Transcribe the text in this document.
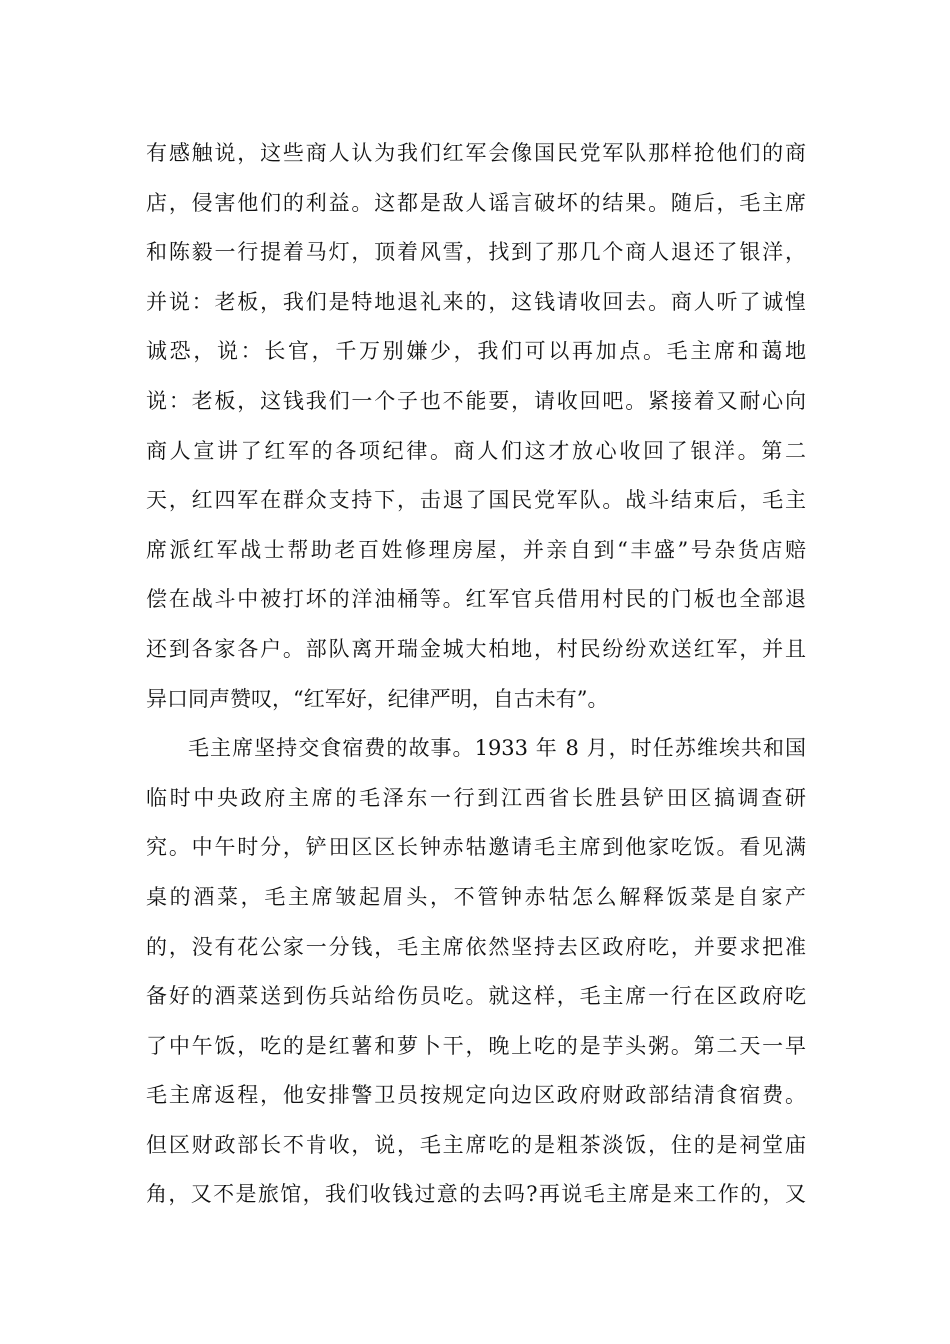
有感触说，这些商人认为我们红军会像国民党军队那样抢他们的商
店，侵害他们的利益。这都是敌人谣言破坏的结果。随后，毛主席
和陈毅一行提着马灯，顶着风雪，找到了那几个商人退还了银洋，
并说：老板，我们是特地退礼来的，这钱请收回去。商人听了诚惶
诚恐，说：长官，千万别嫌少，我们可以再加点。毛主席和蔼地
说：老板，这钱我们一个子也不能要，请收回吧。紧接着又耐心向
商人宣讲了红军的各项纪律。商人们这才放心收回了银洋。第二
天，红四军在群众支持下，击退了国民党军队。战斗结束后，毛主
席派红军战士帮助老百姓修理房屋，并亲自到“丰盛”号杂货店赔
偿在战斗中被打坏的洋油桶等。红军官兵借用村民的门板也全部退
还到各家各户。部队离开瑞金城大柏地，村民纷纷欢送红军，并且
异口同声赞叹，“红军好，纪律严明，自古未有”。
毛主席坚持交食宿费的故事。1933 年 8 月，时任苏维埃共和国
临时中央政府主席的毛泽东一行到江西省长胜县铲田区搞调查研
究。中午时分，铲田区区长钟赤牯邀请毛主席到他家吃饭。看见满
桌的酒菜，毛主席皱起眉头，不管钟赤牯怎么解释饭菜是自家产
的，没有花公家一分钱，毛主席依然坚持去区政府吃，并要求把准
备好的酒菜送到伤兵站给伤员吃。就这样，毛主席一行在区政府吃
了中午饭，吃的是红薯和萝卜干，晚上吃的是芋头粥。第二天一早
毛主席返程，他安排警卫员按规定向边区政府财政部结清食宿费。
但区财政部长不肯收，说，毛主席吃的是粗茶淡饭，住的是祠堂庙
角，又不是旅馆，我们收钱过意的去吗?再说毛主席是来工作的，又
